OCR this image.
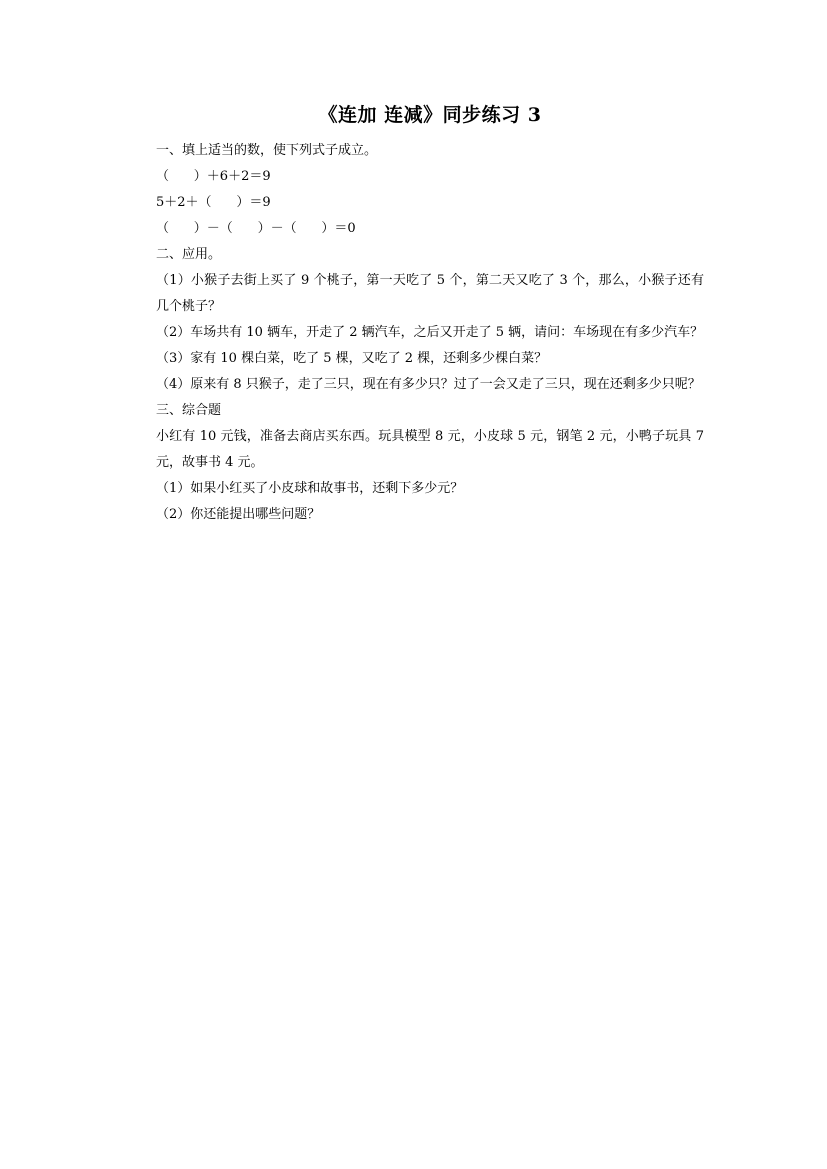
《连加 连减》同步练习 3

一、填上适当的数，使下列式子成立。

（      ）＋6＋2＝9

5＋2＋（      ）＝9

（      ）－（      ）－（      ）＝0

二、应用。

（1）小猴子去街上买了 9 个桃子，第一天吃了 5 个，第二天又吃了 3 个，那么，小猴子还有几个桃子？

（2）车场共有 10 辆车，开走了 2 辆汽车，之后又开走了 5 辆，请问：车场现在有多少汽车？

（3）家有 10 棵白菜，吃了 5 棵，又吃了 2 棵，还剩多少棵白菜？

（4）原来有 8 只猴子，走了三只，现在有多少只？过了一会又走了三只，现在还剩多少只呢？

三、综合题

小红有 10 元钱，准备去商店买东西。玩具模型 8 元，小皮球 5 元，钢笔 2 元，小鸭子玩具 7 元，故事书 4 元。

（1）如果小红买了小皮球和故事书，还剩下多少元？

（2）你还能提出哪些问题？
